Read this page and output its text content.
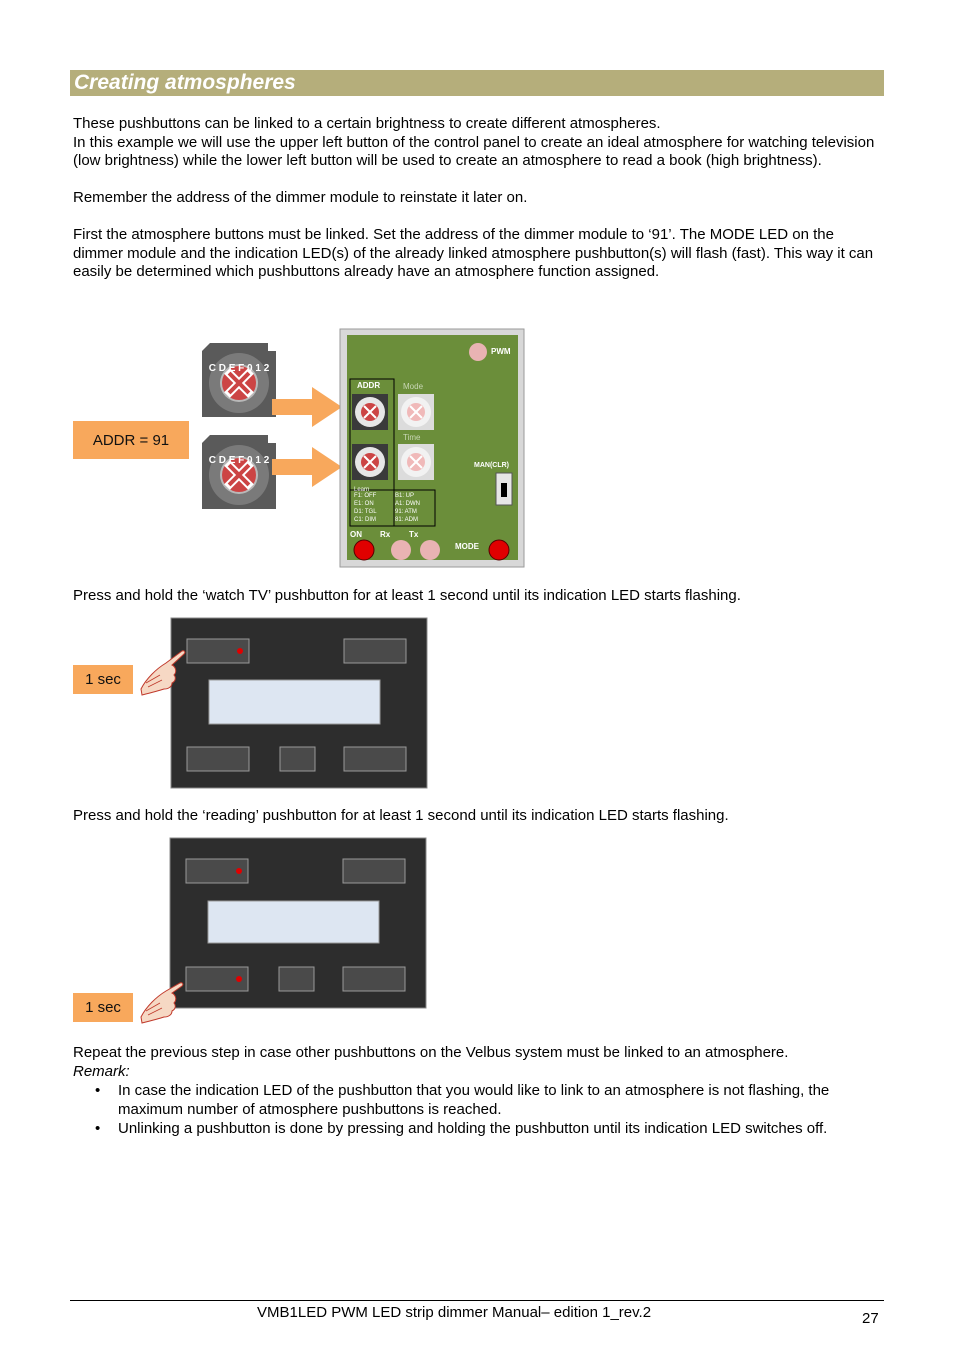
Creating atmospheres

These pushbuttons can be linked to a certain brightness to create different atmospheres.

In this example we will use the upper left button of the control panel to create an ideal atmosphere for watching television (low brightness) while the lower left button will be used to create an atmosphere to read a book (high brightness).

Remember the address of the dimmer module to reinstate it later on.

First the atmosphere buttons must be linked. Set the address of the dimmer module to ‘91’. The MODE LED on the dimmer module and the indication LED(s) of the already linked atmosphere pushbutton(s) will flash (fast). This way it can easily be determined which pushbuttons already have an atmosphere function assigned.

ADDR = 91
C D E F 0 1 2
C D E F 0 1 2
PWM
ADDR	Mode
Time
MAN(CLR)
Learn
F1: OFF
E1: ON
D1: TGL
C1: DIM
B1: UP
A1: DWN
91: ATM
81: ADM
ON Rx Tx
MODE
Press and hold the ‘watch TV’ pushbutton for at least 1 second until its indication LED starts flashing.
1 sec
Press and hold the ‘reading’ pushbutton for at least 1 second until its indication LED starts flashing.
1 sec

Repeat the previous step in case other pushbuttons on the Velbus system must be linked to an atmosphere.

Remark:

• In case the indication LED of the pushbutton that you would like to link to an atmosphere is not flashing, the maximum number of atmosphere pushbuttons is reached.
• Unlinking a pushbutton is done by pressing and holding the pushbutton until its indication LED switches off.
VMB1LED PWM LED strip dimmer Manual– edition 1_rev.2	27
